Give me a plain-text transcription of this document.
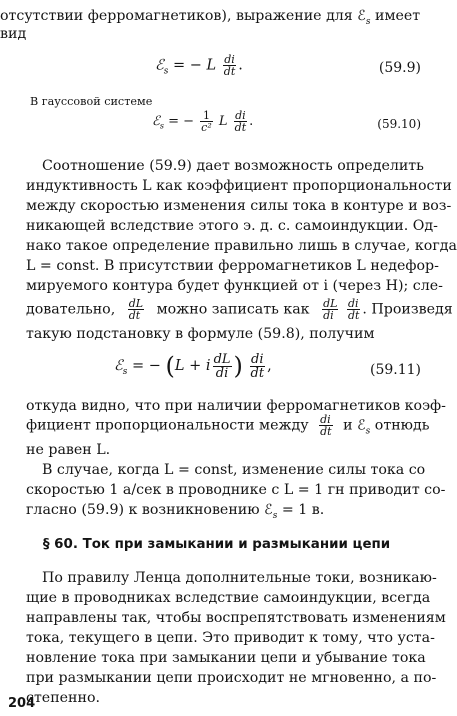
отсутствии ферромагнетиков), выражение для ℰ$_s$ имеет
вид
ℰ$_s$ = − L $\frac{di}{dt}$ .	(59.9)
В гауссовой системе
ℰ$_s$ = − $\frac{1}{\text{c²}}$ L $\frac{di}{dt}$ .	(59.10)
Соотношение (59.9) дает возможность определить
индуктивность L как коэффициент пропорциональности
между скоростью изменения силы тока в контуре и воз-
никающей вследствие этого э. д. с. самоиндукции. Од-
нако такое определение правильно лишь в случае, когда
L = const. В присутствии ферромагнетиков L недефор-
мируемого контура будет функцией от i (через H); сле-
довательно, $\frac{dL}{dt}$ можно записать как $\frac{dL}{di}$
$\frac{di}{dt}$ . Произведя
такую подстановку в формуле (59.8), получим
ℰ$_s$ = − (L + i $\frac{dL}{di}$ ) $\frac{di}{dt}$ ,	(59.11)
откуда видно, что при наличии ферромагнетиков коэф-
фициент пропорциональности между $\frac{di}{dt}$ и ℰ$_s$ отнюдь
не равен L.
В случае, когда L = const, изменение силы тока со
скоростью 1 а/сек в проводнике с L = 1 гн приводит со-
гласно (59.9) к возникновению ℰ$_s$ = 1 в.
§ 60. Ток при замыкании и размыкании цепи
По правилу Ленца дополнительные токи, возникаю-
щие в проводниках вследствие самоиндукции, всегда
направлены так, чтобы воспрепятствовать изменениям
тока, текущего в цепи. Это приводит к тому, что уста-
новление тока при замыкании цепи и убывание тока
при размыкании цепи происходит не мгновенно, а по-
степенно.
204
